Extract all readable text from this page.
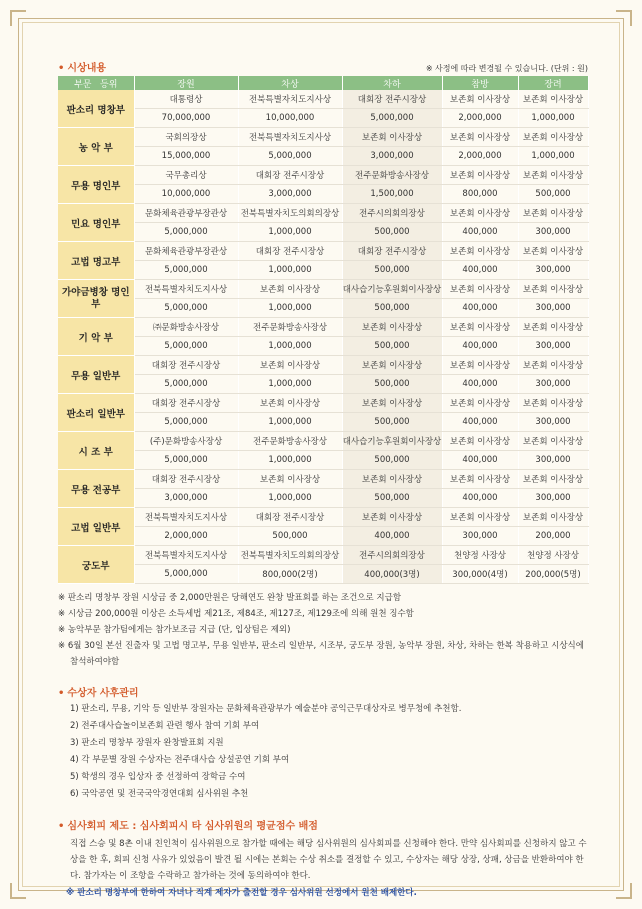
• 시상내용	※ 사정에 따라 변경될 수 있습니다. (단위 : 원)
부문 등위	장원	차상	차하	참방	장려
판소리 명창부	대통령상	전북특별자치도지사상	대회장 전주시장상	보존회 이사장상	보존회 이사장상
	70,000,000	10,000,000	5,000,000	2,000,000	1,000,000
농 악 부	국회의장상	전북특별자치도지사상	보존회 이사장상	보존회 이사장상	보존회 이사장상
	15,000,000	5,000,000	3,000,000	2,000,000	1,000,000
무용 명인부	국무총리상	대회장 전주시장상	전주문화방송사장상	보존회 이사장상	보존회 이사장상
	10,000,000	3,000,000	1,500,000	800,000	500,000
민요 명인부	문화체육관광부장관상	전북특별자치도의회의장상	전주시의회의장상	보존회 이사장상	보존회 이사장상
	5,000,000	1,000,000	500,000	400,000	300,000
고법 명고부	문화체육관광부장관상	대회장 전주시장상	대회장 전주시장상	보존회 이사장상	보존회 이사장상
	5,000,000	1,000,000	500,000	400,000	300,000
가야금병창 명인부	전북특별자치도지사상	보존회 이사장상	대사습기능후원회이사장상	보존회 이사장상	보존회 이사장상
	5,000,000	1,000,000	500,000	400,000	300,000
기 악 부	㈜문화방송사장상	전주문화방송사장상	보존회 이사장상	보존회 이사장상	보존회 이사장상
	5,000,000	1,000,000	500,000	400,000	300,000
무용 일반부	대회장 전주시장상	보존회 이사장상	보존회 이사장상	보존회 이사장상	보존회 이사장상
	5,000,000	1,000,000	500,000	400,000	300,000
판소리 일반부	대회장 전주시장상	보존회 이사장상	보존회 이사장상	보존회 이사장상	보존회 이사장상
	5,000,000	1,000,000	500,000	400,000	300,000
시 조 부	(주)문화방송사장상	전주문화방송사장상	대사습기능후원회이사장상	보존회 이사장상	보존회 이사장상
	5,000,000	1,000,000	500,000	400,000	300,000
무용 전공부	대회장 전주시장상	보존회 이사장상	보존회 이사장상	보존회 이사장상	보존회 이사장상
	3,000,000	1,000,000	500,000	400,000	300,000
고법 일반부	전북특별자치도지사상	대회장 전주시장상	보존회 이사장상	보존회 이사장상	보존회 이사장상
	2,000,000	500,000	400,000	300,000	200,000
궁도부	전북특별자치도지사상	전북특별자치도의회의장상	전주시의회의장상	천양정 사장상	천양정 사장상
	5,000,000	800,000(2명)	400,000(3명)	300,000(4명)	200,000(5명)
※ 판소리 명창부 장원 시상금 중 2,000만원은 당해연도 완창 발표회를 하는 조건으로 지급함
※ 시상금 200,000원 이상은 소득세법 제21조, 제84조, 제127조, 제129조에 의해 원천 징수함
※ 농악부문 참가팀에게는 참가보조금 지급 (단, 입상팀은 제외)
※ 6월 30일 본선 진출자 및 고법 명고부, 무용 일반부, 판소리 일반부, 시조부, 궁도부 장원, 농악부 장원, 차상, 차하는 한복 착용하고 시상식에 참석하여야함
• 수상자 사후관리
1) 판소리, 무용, 기악 등 일반부 장원자는 문화체육관광부가 예술분야 공익근무대상자로 병무청에 추천함.
2) 전주대사습놀이보존회 관련 행사 참여 기회 부여
3) 판소리 명창부 장원자 완창발표회 지원
4) 각 부문별 장원 수상자는 전주대사습 상설공연 기회 부여
5) 학생의 경우 입상자 중 선정하여 장학금 수여
6) 국악공연 및 전국국악경연대회 심사위원 추천
• 심사회피 제도 : 심사회피시 타 심사위원의 평균점수 배점
직접 스승 및 8촌 이내 친인척이 심사위원으로 참가할 때에는 해당 심사위원의 심사회피를 신청해야 한다. 만약 심사회피를 신청하지 않고 수상을 한 후, 회피 신청 사유가 있었음이 발견 될 시에는 본회는 수상 취소를 결정할 수 있고, 수상자는 해당 상장, 상패, 상금을 반환하여야 한다. 참가자는 이 조항을 수락하고 참가하는 것에 동의하여야 한다.
※ 판소리 명창부에 한하여 자녀나 직계 제자가 출전할 경우 심사위원 선정에서 원천 배제한다.
